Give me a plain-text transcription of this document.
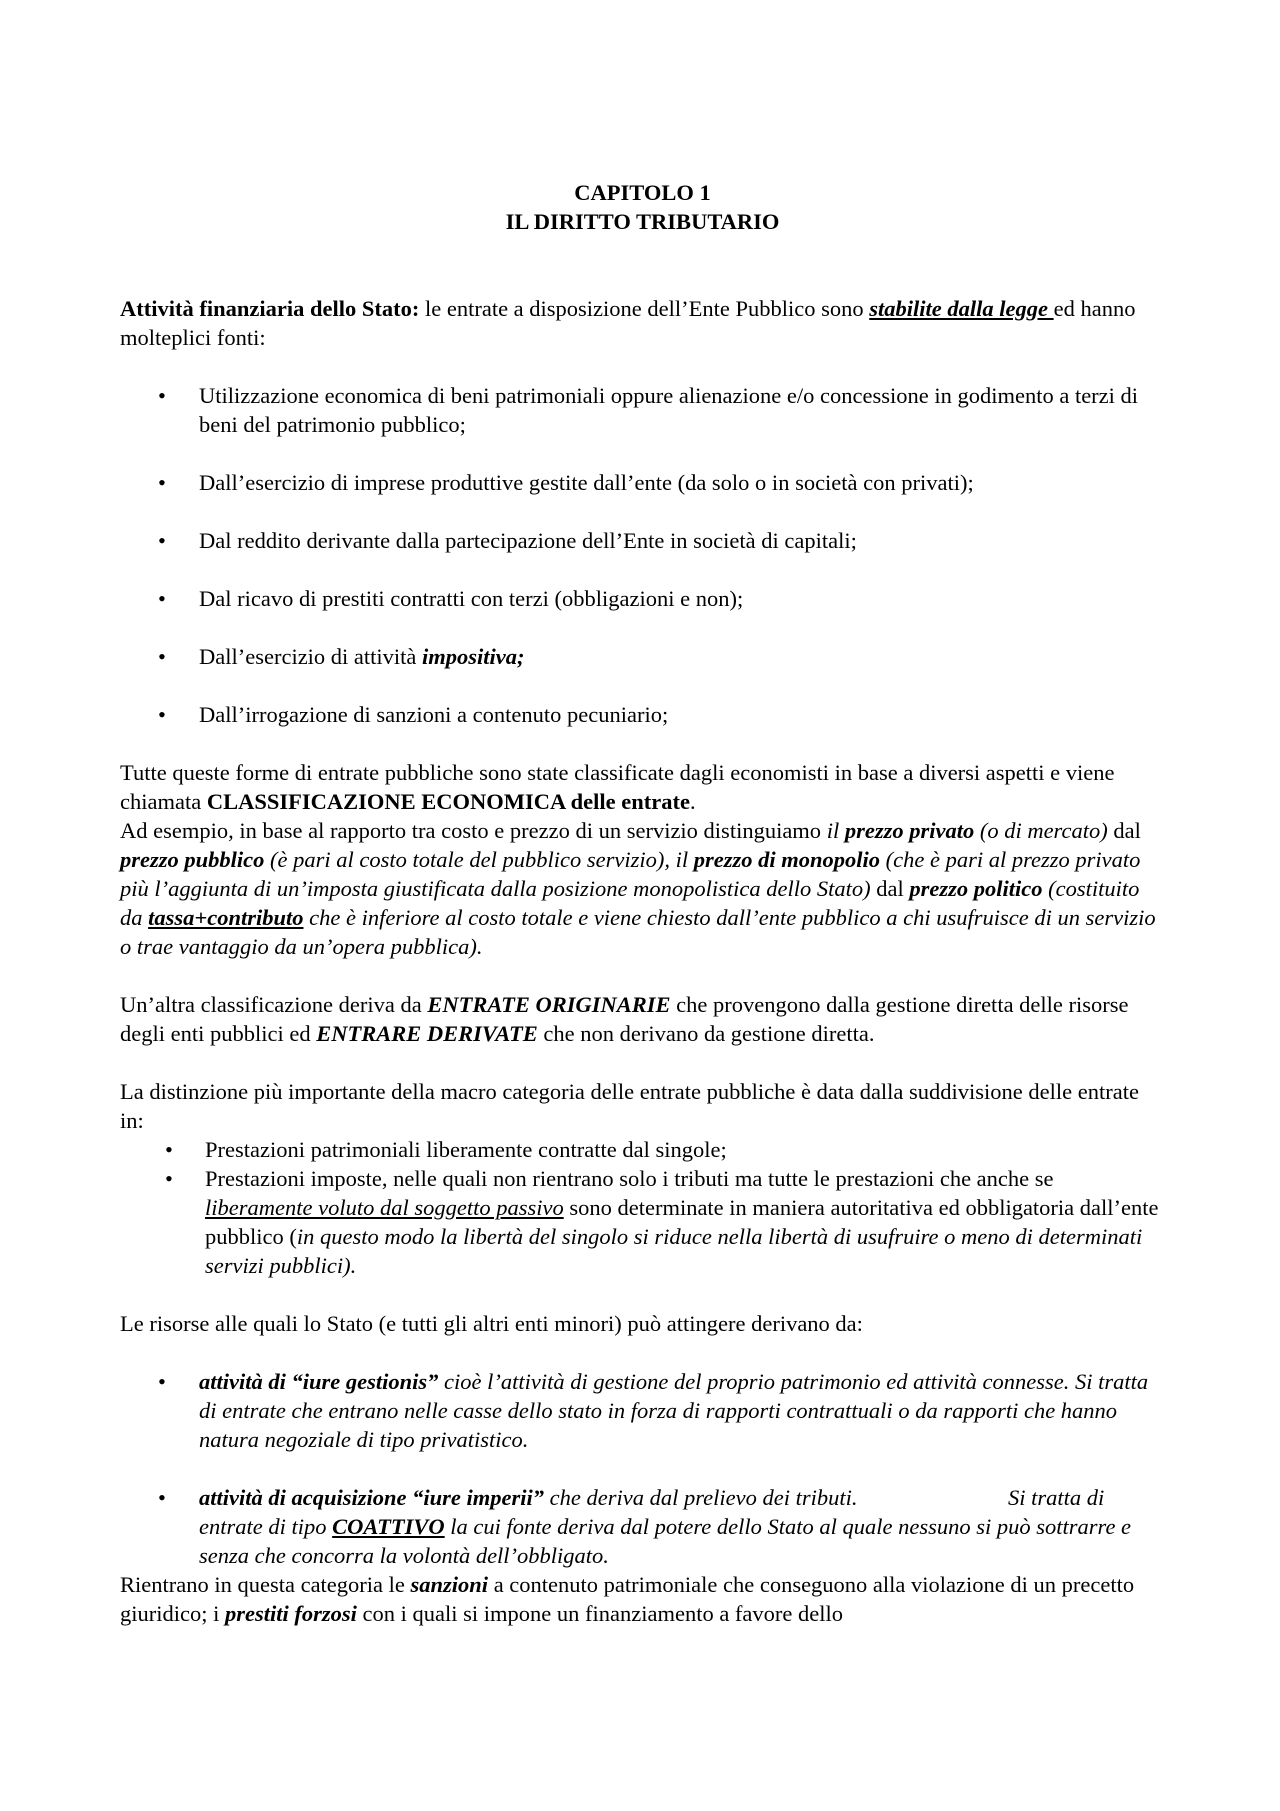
CAPITOLO 1

IL DIRITTO TRIBUTARIO

Attività finanziaria dello Stato: le entrate a disposizione dell’Ente Pubblico sono stabilite dalla legge ed hanno molteplici fonti:

• Utilizzazione economica di beni patrimoniali oppure alienazione e/o concessione in godimento a terzi di beni del patrimonio pubblico;
• Dall’esercizio di imprese produttive gestite dall’ente (da solo o in società con privati);
• Dal reddito derivante dalla partecipazione dell’Ente in società di capitali;
• Dal ricavo di prestiti contratti con terzi (obbligazioni e non);
• Dall’esercizio di attività impositiva;
• Dall’irrogazione di sanzioni a contenuto pecuniario;

Tutte queste forme di entrate pubbliche sono state classificate dagli economisti in base a diversi aspetti e viene chiamata CLASSIFICAZIONE ECONOMICA delle entrate.

Ad esempio, in base al rapporto tra costo e prezzo di un servizio distinguiamo il prezzo privato (o di mercato) dal prezzo pubblico (è pari al costo totale del pubblico servizio), il prezzo di monopolio (che è pari al prezzo privato più l’aggiunta di un’imposta giustificata dalla posizione monopolistica dello Stato) dal prezzo politico (costituito da tassa+contributo che è inferiore al costo totale e viene chiesto dall’ente pubblico a chi usufruisce di un servizio o trae vantaggio da un’opera pubblica).

Un’altra classificazione deriva da ENTRATE ORIGINARIE che provengono dalla gestione diretta delle risorse degli enti pubblici ed ENTRARE DERIVATE che non derivano da gestione diretta.

La distinzione più importante della macro categoria delle entrate pubbliche è data dalla suddivisione delle entrate in:

• Prestazioni patrimoniali liberamente contratte dal singole;
• Prestazioni imposte, nelle quali non rientrano solo i tributi ma tutte le prestazioni che anche se liberamente voluto dal soggetto passivo sono determinate in maniera autoritativa ed obbligatoria dall’ente pubblico (in questo modo la libertà del singolo si riduce nella libertà di usufruire o meno di determinati servizi pubblici).

Le risorse alle quali lo Stato (e tutti gli altri enti minori) può attingere derivano da:

• attività di “iure gestionis” cioè l’attività di gestione del proprio patrimonio ed attività connesse. Si tratta di entrate che entrano nelle casse dello stato in forza di rapporti contrattuali o da rapporti che hanno natura negoziale di tipo privatistico.
• attività di acquisizione “iure imperii” che deriva dal prelievo dei tributi.	Si tratta di entrate di tipo COATTIVO la cui fonte deriva dal potere dello Stato al quale nessuno si può sottrarre e senza che concorra la volontà dell’obbligato.

Rientrano in questa categoria le sanzioni a contenuto patrimoniale che conseguono alla violazione di un precetto giuridico; i prestiti forzosi con i quali si impone un finanziamento a favore dello
